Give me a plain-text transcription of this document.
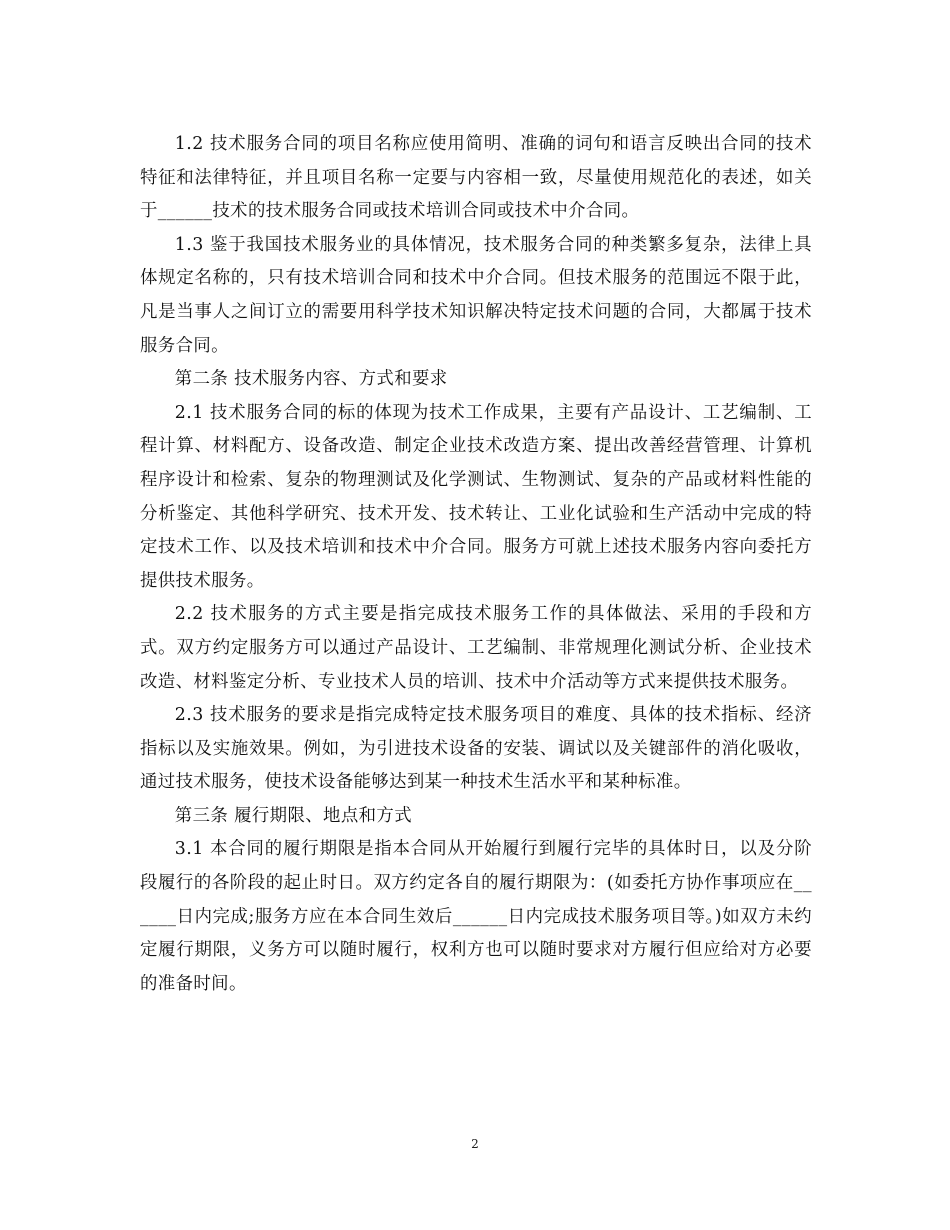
1.2 技术服务合同的项目名称应使用简明、准确的词句和语言反映出合同的技术特征和法律特征，并且项目名称一定要与内容相一致，尽量使用规范化的表述，如关于______技术的技术服务合同或技术培训合同或技术中介合同。

1.3 鉴于我国技术服务业的具体情况，技术服务合同的种类繁多复杂，法律上具体规定名称的，只有技术培训合同和技术中介合同。但技术服务的范围远不限于此，凡是当事人之间订立的需要用科学技术知识解决特定技术问题的合同，大都属于技术服务合同。

第二条 技术服务内容、方式和要求

2.1 技术服务合同的标的体现为技术工作成果，主要有产品设计、工艺编制、工程计算、材料配方、设备改造、制定企业技术改造方案、提出改善经营管理、计算机程序设计和检索、复杂的物理测试及化学测试、生物测试、复杂的产品或材料性能的分析鉴定、其他科学研究、技术开发、技术转让、工业化试验和生产活动中完成的特定技术工作、以及技术培训和技术中介合同。服务方可就上述技术服务内容向委托方提供技术服务。

2.2 技术服务的方式主要是指完成技术服务工作的具体做法、采用的手段和方式。双方约定服务方可以通过产品设计、工艺编制、非常规理化测试分析、企业技术改造、材料鉴定分析、专业技术人员的培训、技术中介活动等方式来提供技术服务。

2.3 技术服务的要求是指完成特定技术服务项目的难度、具体的技术指标、经济指标以及实施效果。例如，为引进技术设备的安装、调试以及关键部件的消化吸收，通过技术服务，使技术设备能够达到某一种技术生活水平和某种标准。

第三条 履行期限、地点和方式

3.1 本合同的履行期限是指本合同从开始履行到履行完毕的具体时日，以及分阶段履行的各阶段的起止时日。双方约定各自的履行期限为：(如委托方协作事项应在______日内完成;服务方应在本合同生效后______日内完成技术服务项目等。)如双方未约定履行期限，义务方可以随时履行，权利方也可以随时要求对方履行但应给对方必要的准备时间。

2
